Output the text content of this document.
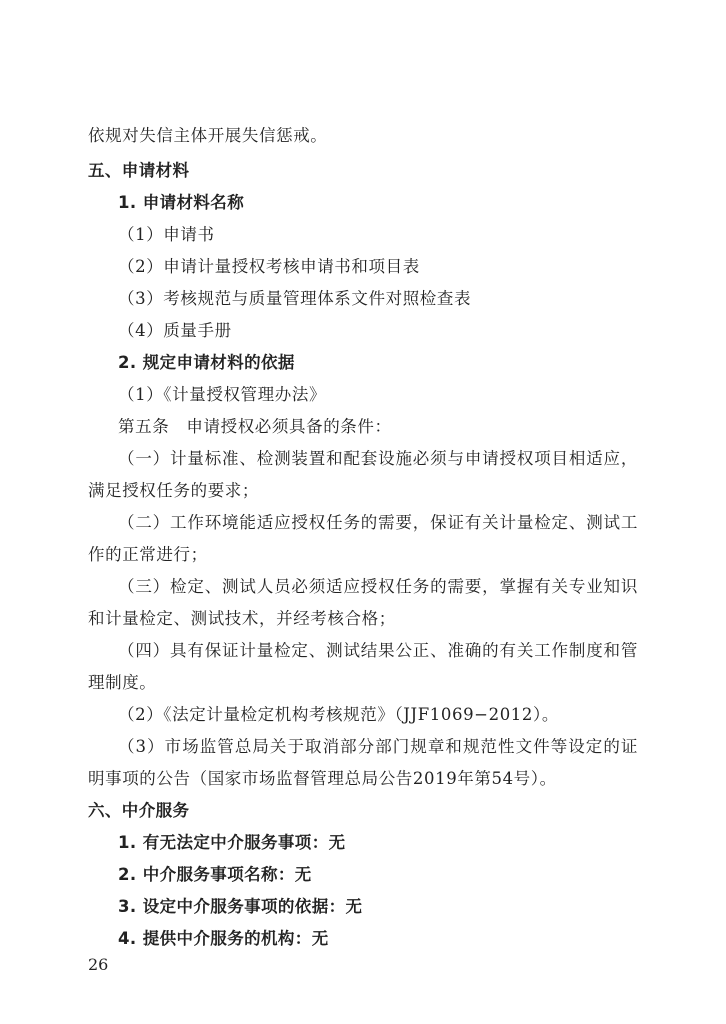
依规对失信主体开展失信惩戒。
五、申请材料
1. 申请材料名称
（1）申请书
（2）申请计量授权考核申请书和项目表
（3）考核规范与质量管理体系文件对照检查表
（4）质量手册
2. 规定申请材料的依据
（1）《计量授权管理办法》
第五条　申请授权必须具备的条件：
（一）计量标准、检测装置和配套设施必须与申请授权项目相适应，
满足授权任务的要求；
（二）工作环境能适应授权任务的需要，保证有关计量检定、测试工
作的正常进行；
（三）检定、测试人员必须适应授权任务的需要，掌握有关专业知识
和计量检定、测试技术，并经考核合格；
（四）具有保证计量检定、测试结果公正、准确的有关工作制度和管
理制度。
（2）《法定计量检定机构考核规范》（JJF1069−2012）。
（3）市场监管总局关于取消部分部门规章和规范性文件等设定的证
明事项的公告（国家市场监督管理总局公告2019年第54号）。
六、中介服务
1. 有无法定中介服务事项：无
2. 中介服务事项名称：无
3. 设定中介服务事项的依据：无
4. 提供中介服务的机构：无
26
